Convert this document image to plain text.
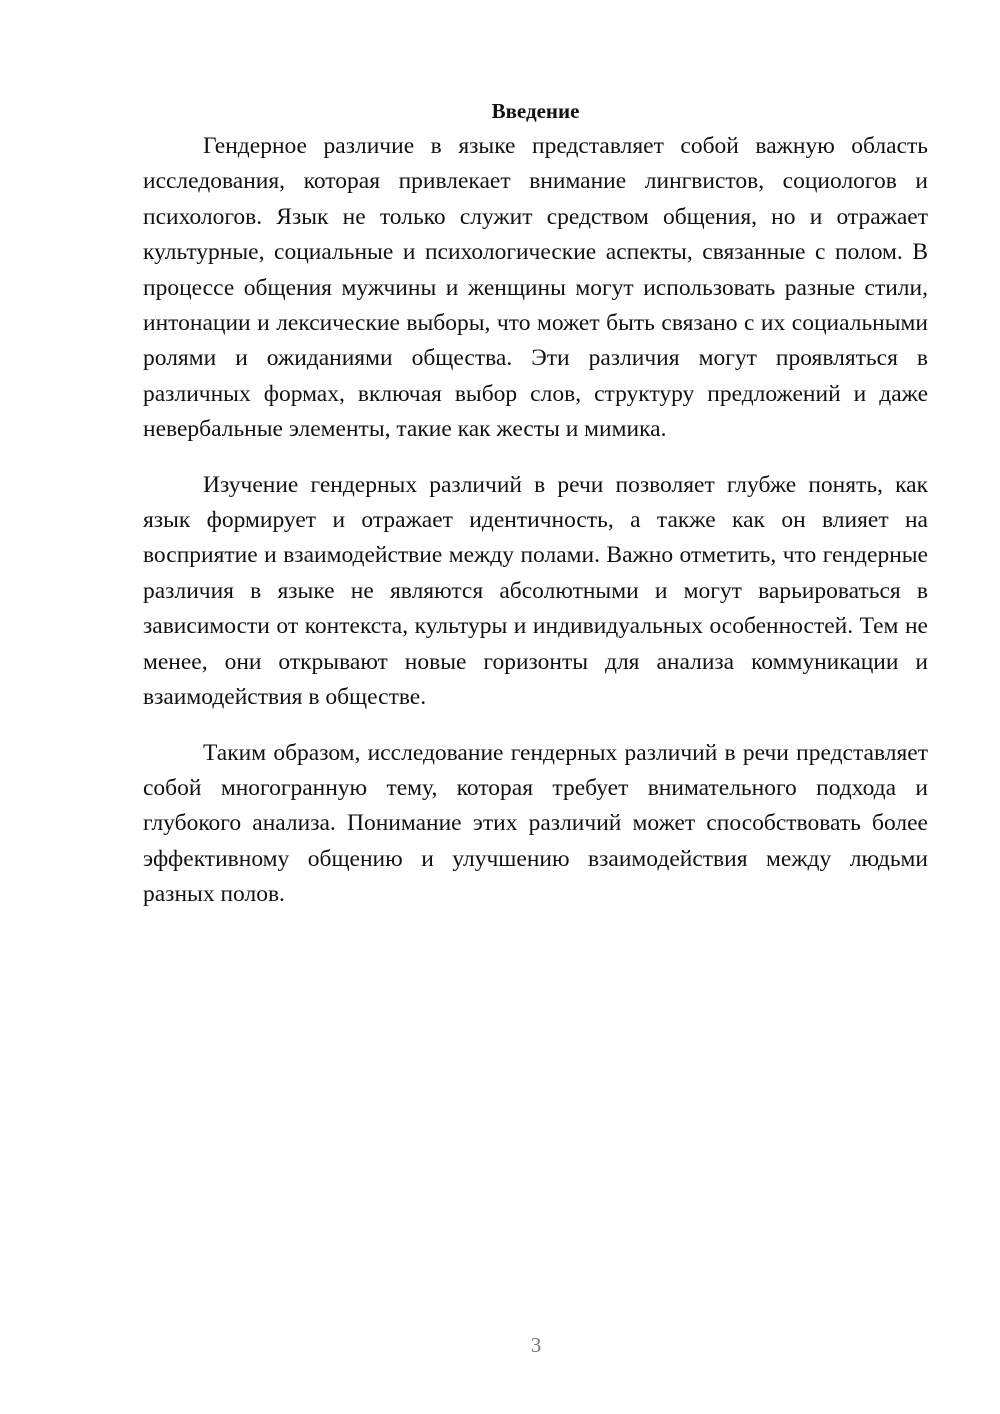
Введение

Гендерное различие в языке представляет собой важную область исследования, которая привлекает внимание лингвистов, социологов и психологов. Язык не только служит средством общения, но и отражает культурные, социальные и психологические аспекты, связанные с полом. В процессе общения мужчины и женщины могут использовать разные стили, интонации и лексические выборы, что может быть связано с их социальными ролями и ожиданиями общества. Эти различия могут проявляться в различных формах, включая выбор слов, структуру предложений и даже невербальные элементы, такие как жесты и мимика.

Изучение гендерных различий в речи позволяет глубже понять, как язык формирует и отражает идентичность, а также как он влияет на восприятие и взаимодействие между полами. Важно отметить, что гендерные различия в языке не являются абсолютными и могут варьироваться в зависимости от контекста, культуры и индивидуальных особенностей. Тем не менее, они открывают новые горизонты для анализа коммуникации и взаимодействия в обществе.

Таким образом, исследование гендерных различий в речи представляет собой многогранную тему, которая требует внимательного подхода и глубокого анализа. Понимание этих различий может способствовать более эффективному общению и улучшению взаимодействия между людьми разных полов.

3
